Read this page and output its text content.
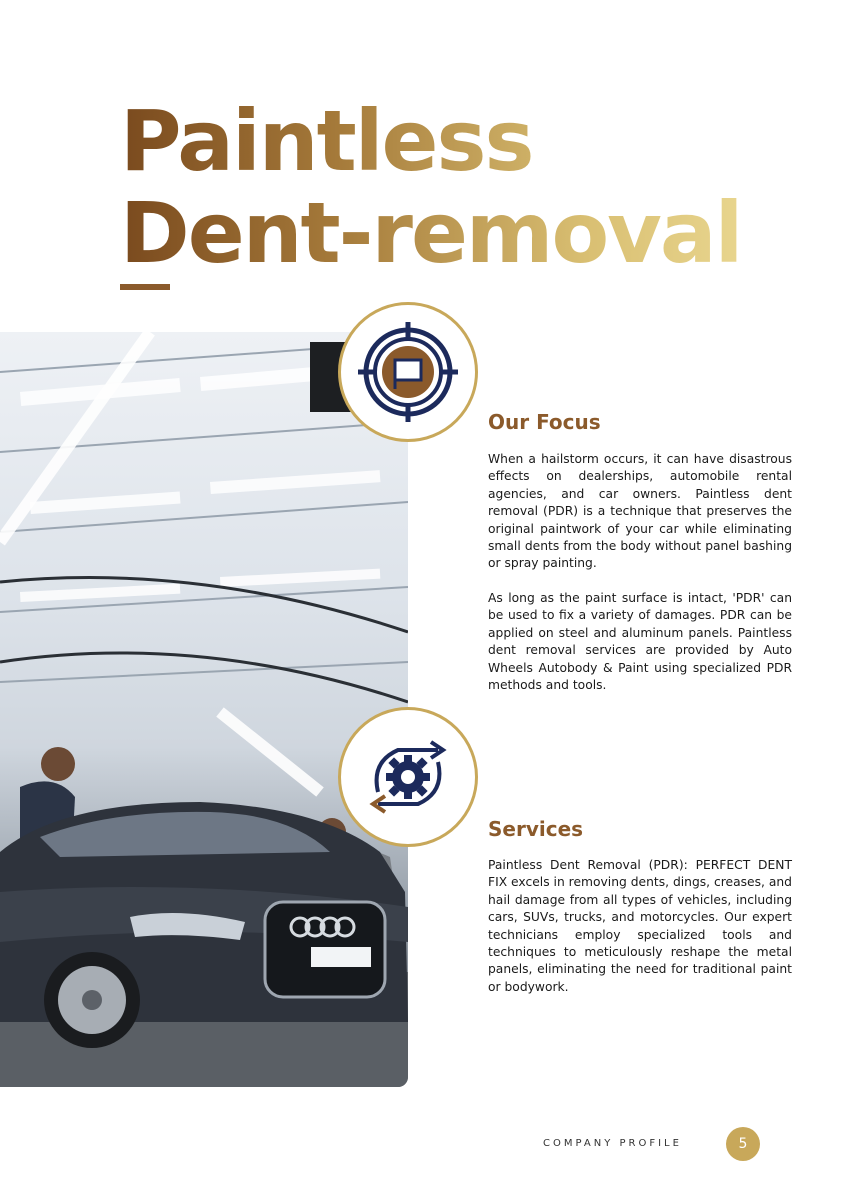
Paintless
Dent-removal
Our Focus

When a hailstorm occurs, it can have disastrous effects on dealerships, automobile rental agencies, and car owners. Paintless dent removal (PDR) is a technique that preserves the original paintwork of your car while eliminating small dents from the body without panel bashing or spray painting.

As long as the paint surface is intact, 'PDR' can be used to fix a variety of damages. PDR can be applied on steel and aluminum panels. Paintless dent removal services are provided by Auto Wheels Autobody & Paint using specialized PDR methods and tools.

Services

Paintless Dent Removal (PDR): PERFECT DENT FIX excels in removing dents, dings, creases, and hail damage from all types of vehicles, including cars, SUVs, trucks, and motorcycles. Our expert technicians employ specialized tools and techniques to meticulously reshape the metal panels, eliminating the need for traditional paint or bodywork.

COMPANY PROFILE	5
